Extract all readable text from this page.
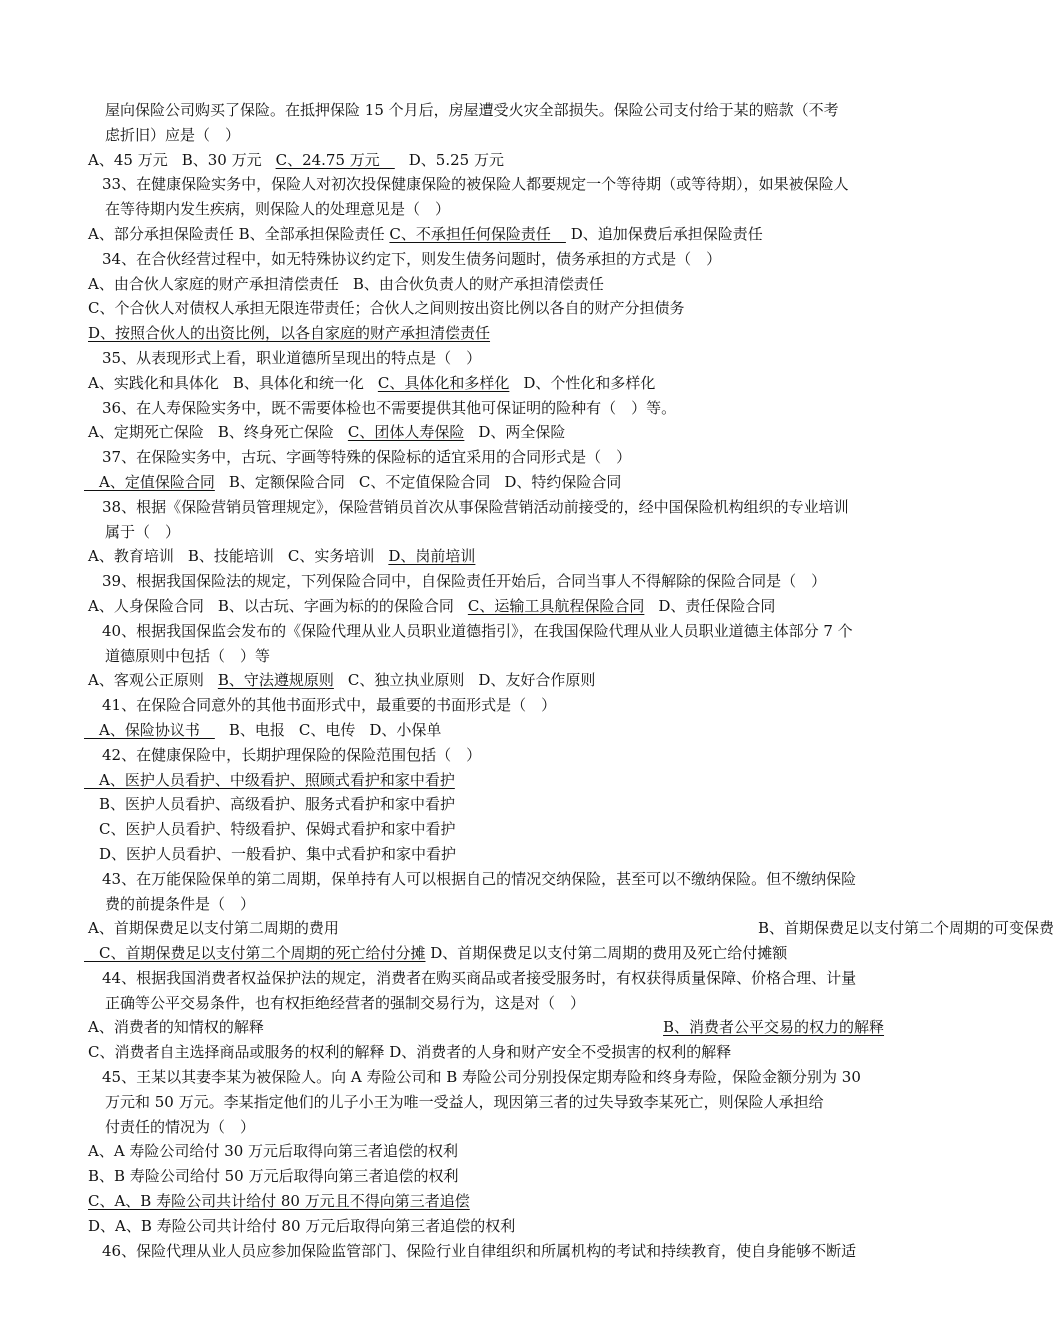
屋向保险公司购买了保险。在抵押保险 15 个月后，房屋遭受火灾全部损失。保险公司支付给于某的赔款（不考
虑折旧）应是（　）
A、45 万元 B、30 万元 C、24.75 万元　D、5.25 万元
33、在健康保险实务中，保险人对初次投保健康保险的被保险人都要规定一个等待期（或等待期），如果被保险人
在等待期内发生疾病，则保险人的处理意见是（　）
A、部分承担保险责任 B、全部承担保险责任 C、不承担任何保险责任　 D、追加保费后承担保险责任
34、在合伙经营过程中，如无特殊协议约定下，则发生债务问题时，债务承担的方式是（　）
A、由合伙人家庭的财产承担清偿责任 B、由合伙负责人的财产承担清偿责任
C、个合伙人对债权人承担无限连带责任；合伙人之间则按出资比例以各自的财产分担债务
D、按照合伙人的出资比例，以各自家庭的财产承担清偿责任
35、从表现形式上看，职业道德所呈现出的特点是（　）
A、实践化和具体化 B、具体化和统一化 C、具体化和多样化 D、个性化和多样化
36、在人寿保险实务中，既不需要体检也不需要提供其他可保证明的险种有（　）等。
A、定期死亡保险 B、终身死亡保险 C、团体人寿保险 D、两全保险
37、在保险实务中，古玩、字画等特殊的保险标的适宜采用的合同形式是（　）
　A、定值保险合同 B、定额保险合同 C、不定值保险合同 D、特约保险合同
38、根据《保险营销员管理规定》，保险营销员首次从事保险营销活动前接受的，经中国保险机构组织的专业培训
属于（　）
A、教育培训 B、技能培训 C、实务培训 D、岗前培训
39、根据我国保险法的规定，下列保险合同中，自保险责任开始后，合同当事人不得解除的保险合同是（　）
A、人身保险合同 B、以古玩、字画为标的的保险合同 C、运输工具航程保险合同 D、责任保险合同
40、根据我国保监会发布的《保险代理从业人员职业道德指引》，在我国保险代理从业人员职业道德主体部分 7 个
道德原则中包括（　）等
A、客观公正原则 B、守法遵规原则 C、独立执业原则 D、友好合作原则
41、在保险合同意外的其他书面形式中，最重要的书面形式是（　）
　A、保险协议书　B、电报 C、电传 D、小保单
42、在健康保险中，长期护理保险的保险范围包括（　）
　A、医护人员看护、中级看护、照顾式看护和家中看护
　B、医护人员看护、高级看护、服务式看护和家中看护
　C、医护人员看护、特级看护、保姆式看护和家中看护
　D、医护人员看护、一般看护、集中式看护和家中看护
43、在万能保险保单的第二周期，保单持有人可以根据自己的情况交纳保险，甚至可以不缴纳保险。但不缴纳保险
费的前提条件是（　）
A、首期保费足以支付第二周期的费用	B、首期保费足以支付第二个周期的可变保费
　C、首期保费足以支付第二个周期的死亡给付分摊 D、首期保费足以支付第二周期的费用及死亡给付摊额
44、根据我国消费者权益保护法的规定，消费者在购买商品或者接受服务时，有权获得质量保障、价格合理、计量
正确等公平交易条件，也有权拒绝经营者的强制交易行为，这是对（　）
A、消费者的知情权的解释	B、消费者公平交易的权力的解释
C、消费者自主选择商品或服务的权利的解释 D、消费者的人身和财产安全不受损害的权利的解释
45、王某以其妻李某为被保险人。向 A 寿险公司和 B 寿险公司分别投保定期寿险和终身寿险，保险金额分别为 30
万元和 50 万元。李某指定他们的儿子小王为唯一受益人，现因第三者的过失导致李某死亡，则保险人承担给
付责任的情况为（　）
A、A 寿险公司给付 30 万元后取得向第三者追偿的权利
B、B 寿险公司给付 50 万元后取得向第三者追偿的权利
C、A、B 寿险公司共计给付 80 万元且不得向第三者追偿
D、A、B 寿险公司共计给付 80 万元后取得向第三者追偿的权利
46、保险代理从业人员应参加保险监管部门、保险行业自律组织和所属机构的考试和持续教育，使自身能够不断适
